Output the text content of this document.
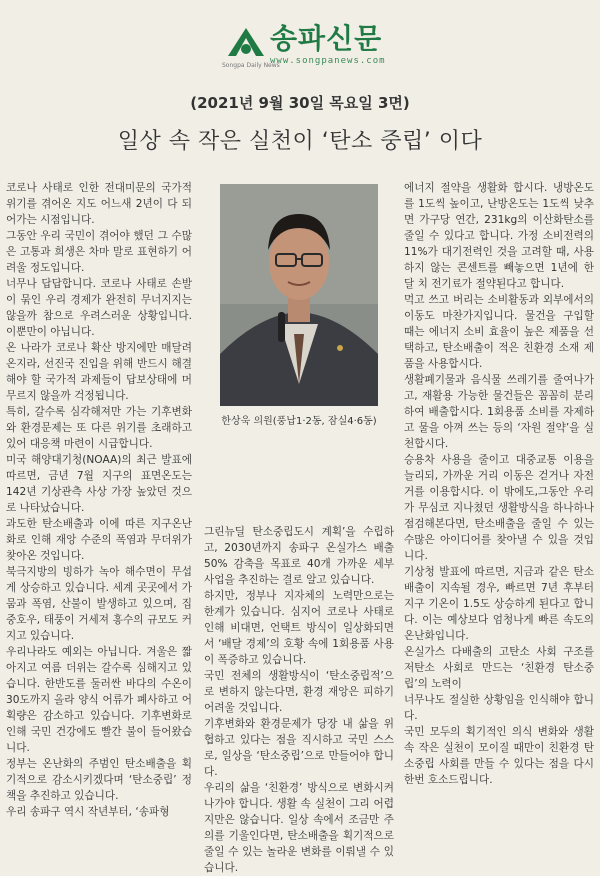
Songpa Daily News
송파신문
www.songpanews.com
(2021년 9월 30일 목요일 3면)
일상 속 작은 실천이 ‘탄소 중립’ 이다

코로나 사태로 인한 전대미문의 국가적 위기를 겪어온 지도 어느새 2년이 다 되어가는 시점입니다.

그동안 우리 국민이 겪어야 했던 그 수많은 고통과 희생은 차마 말로 표현하기 어려울 정도입니다.

너무나 답답합니다. 코로나 사태로 손발이 묶인 우리 경제가 완전히 무너지지는 않을까 참으로 우려스러운 상황입니다. 이뿐만이 아닙니다.

온 나라가 코로나 확산 방지에만 매달려온지라, 선진국 진입을 위해 반드시 해결해야 할 국가적 과제들이 답보상태에 머무르지 않을까 걱정됩니다.

특히, 갈수록 심각해져만 가는 기후변화와 환경문제는 또 다른 위기를 초래하고 있어 대응책 마련이 시급합니다.

미국 해양대기청(NOAA)의 최근 발표에 따르면, 금년 7월 지구의 표면온도는 142년 기상관측 사상 가장 높았던 것으로 나타났습니다.

과도한 탄소배출과 이에 따른 지구온난화로 인해 재앙 수준의 폭염과 무더위가 찾아온 것입니다.

북극지방의 빙하가 녹아 해수면이 무섭게 상승하고 있습니다. 세계 곳곳에서 가뭄과 폭염, 산불이 발생하고 있으며, 집중호우, 태풍이 거세져 홍수의 규모도 커지고 있습니다.

우리나라도 예외는 아닙니다. 겨울은 짧아지고 여름 더위는 갈수록 심해지고 있습니다. 한반도를 둘러싼 바다의 수온이 30도까지 올라 양식 어류가 폐사하고 어획량은 감소하고 있습니다. 기후변화로 인해 국민 건강에도 빨간 불이 들어왔습니다.

정부는 온난화의 주범인 탄소배출을 획기적으로 감소시키겠다며 ‘탄소중립’ 정책을 추진하고 있습니다.

우리 송파구 역시 작년부터, ‘송파형

한상욱 의원(풍납1·2동, 잠실4·6동)

그린뉴딜 탄소중립도시 계획’을 수립하고, 2030년까지 송파구 온실가스 배출 50% 감축을 목표로 40개 가까운 세부 사업을 추진하는 결로 알고 있습니다.

하지만, 정부나 지자체의 노력만으로는 한계가 있습니다. 심지어 코로나 사태로 인해 비대면, 언택트 방식이 일상화되면서 ‘배달 경제’의 호황 속에 1회용품 사용이 폭증하고 있습니다.

국민 전체의 생활방식이 ‘탄소중립적’으로 변하지 않는다면, 환경 재앙은 피하기 어려울 것입니다.

기후변화와 환경문제가 당장 내 삶을 위협하고 있다는 점을 직시하고 국민 스스로, 일상을 ‘탄소중립’으로 만들어야 합니다.

우리의 삶을 ‘친환경’ 방식으로 변화시켜 나가야 합니다. 생활 속 실천이 그리 어렵지만은 않습니다. 일상 속에서 조금만 주의를 기울인다면, 탄소배출을 획기적으로 줄일 수 있는 놀라운 변화를 이뤄낼 수 있습니다.

에너지 절약을 생활화 합시다. 냉방온도를 1도씩 높이고, 난방온도는 1도씩 낮추면 가구당 연간, 231kg의 이산화탄소를 줄일 수 있다고 합니다. 가정 소비전력의 11%가 대기전력인 것을 고려할 때, 사용하지 않는 콘센트를 빼놓으면 1년에 한 달 치 전기료가 절약된다고 합니다.

먹고 쓰고 버리는 소비활동과 외부에서의 이동도 마찬가지입니다. 물건을 구입할 때는 에너지 소비 효율이 높은 제품을 선택하고, 탄소배출이 적은 친환경 소재 제품을 사용합시다.

생활폐기물과 음식물 쓰레기를 줄여나가고, 재활용 가능한 물건들은 꼼꼼히 분리하여 배출합시다. 1회용품 소비를 자제하고 물을 아껴 쓰는 등의 ‘자원 절약’을 실천합시다.

승용차 사용을 줄이고 대중교통 이용을 늘리되, 가까운 거리 이동은 걷거나 자전거를 이용합시다. 이 밖에도,그동안 우리가 무심코 지나쳤던 생활방식을 하나하나 점검해본다면, 탄소배출을 줄일 수 있는 수많은 아이디어를 찾아낼 수 있을 것입니다.

기상청 발표에 따르면, 지금과 같은 탄소배출이 지속될 경우, 빠르면 7년 후부터 지구 기온이 1.5도 상승하게 된다고 합니다. 이는 예상보다 엄청나게 빠른 속도의 온난화입니다.

온실가스 다배출의 고탄소 사회 구조를 저탄소 사회로 만드는 ‘친환경 탄소중립’의 노력이

너무나도 절실한 상황임을 인식해야 합니다.

국민 모두의 획기적인 의식 변화와 생활 속 작은 실천이 모이질 때만이 친환경 탄소중립 사회를 만들 수 있다는 점을 다시 한번 호소드립니다.
